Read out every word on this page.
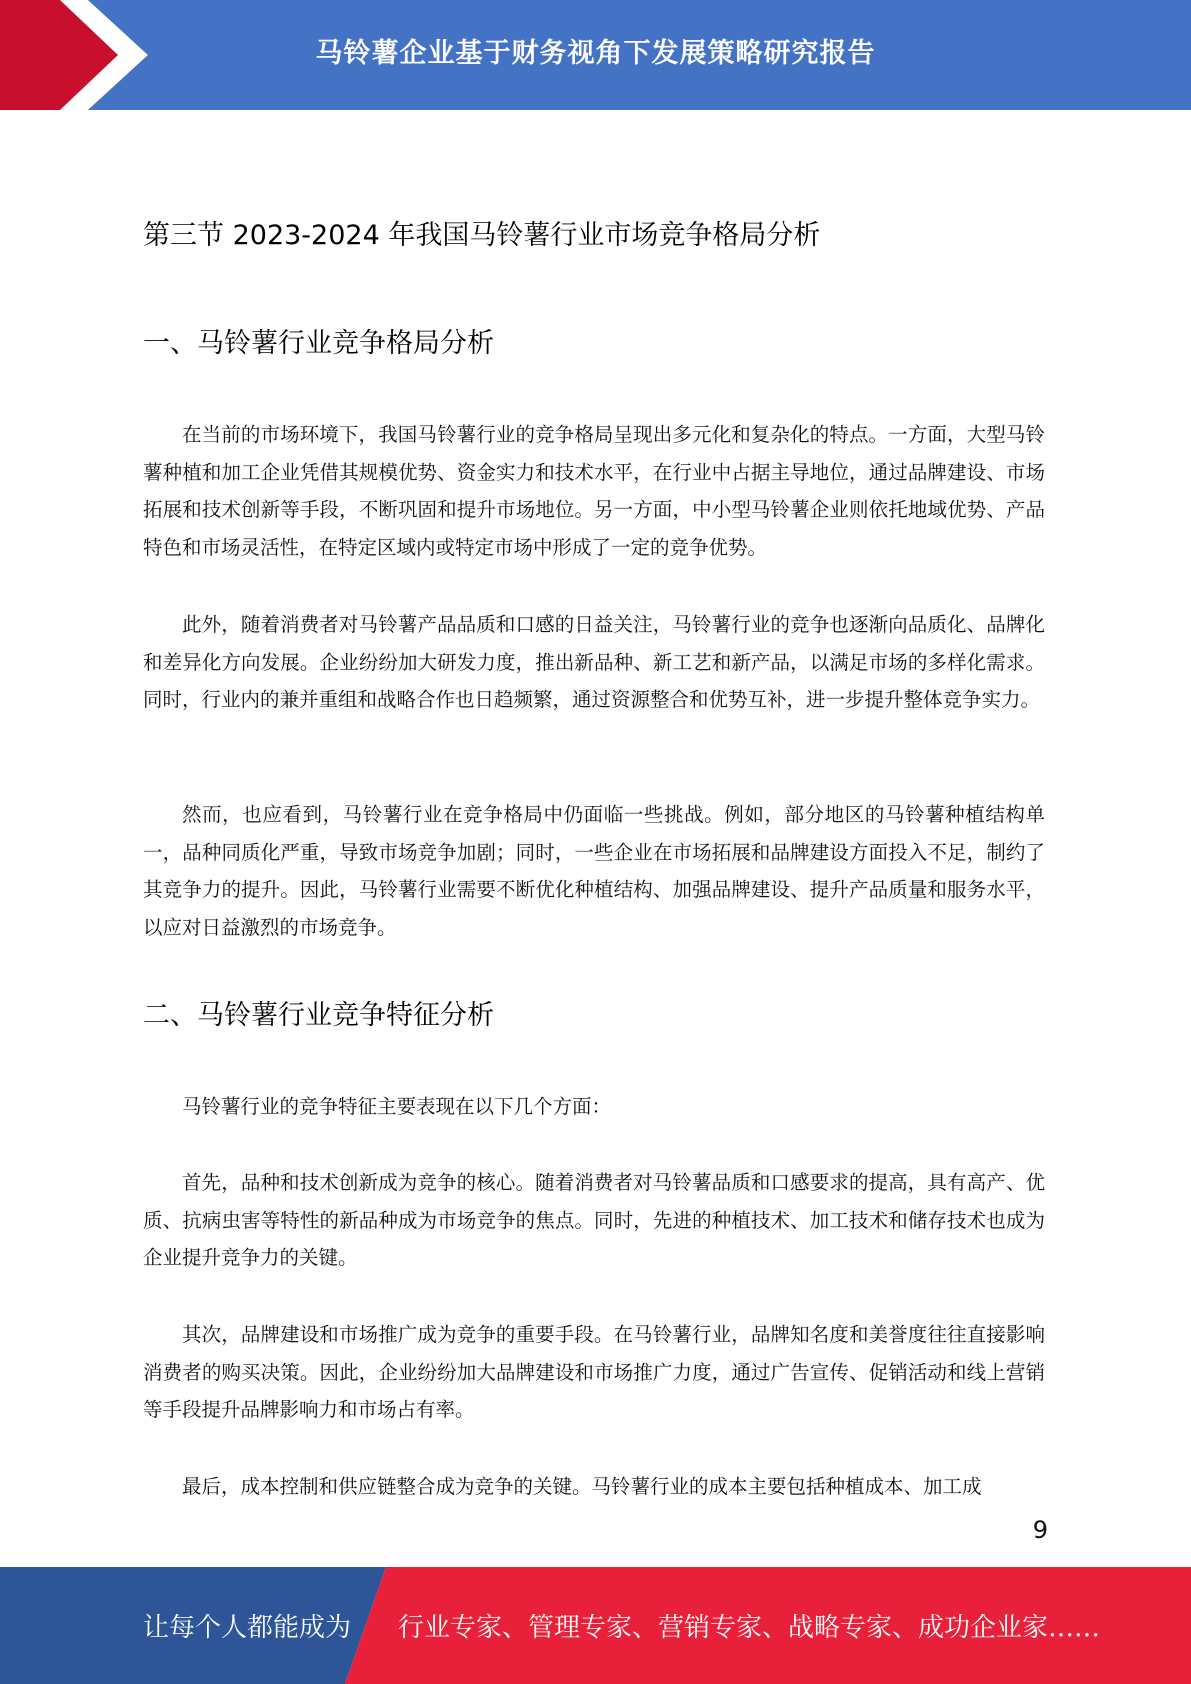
马铃薯企业基于财务视角下发展策略研究报告
第三节 2023-2024 年我国马铃薯行业市场竞争格局分析
一、马铃薯行业竞争格局分析

在当前的市场环境下，我国马铃薯行业的竞争格局呈现出多元化和复杂化的特点。一方面，大型马铃薯种植和加工企业凭借其规模优势、资金实力和技术水平，在行业中占据主导地位，通过品牌建设、市场拓展和技术创新等手段，不断巩固和提升市场地位。另一方面，中小型马铃薯企业则依托地域优势、产品特色和市场灵活性，在特定区域内或特定市场中形成了一定的竞争优势。

此外，随着消费者对马铃薯产品品质和口感的日益关注，马铃薯行业的竞争也逐渐向品质化、品牌化和差异化方向发展。企业纷纷加大研发力度，推出新品种、新工艺和新产品，以满足市场的多样化需求。同时，行业内的兼并重组和战略合作也日趋频繁，通过资源整合和优势互补，进一步提升整体竞争实力。

然而，也应看到，马铃薯行业在竞争格局中仍面临一些挑战。例如，部分地区的马铃薯种植结构单一，品种同质化严重，导致市场竞争加剧；同时，一些企业在市场拓展和品牌建设方面投入不足，制约了其竞争力的提升。因此，马铃薯行业需要不断优化种植结构、加强品牌建设、提升产品质量和服务水平，以应对日益激烈的市场竞争。

二、马铃薯行业竞争特征分析

马铃薯行业的竞争特征主要表现在以下几个方面：

首先，品种和技术创新成为竞争的核心。随着消费者对马铃薯品质和口感要求的提高，具有高产、优质、抗病虫害等特性的新品种成为市场竞争的焦点。同时，先进的种植技术、加工技术和储存技术也成为企业提升竞争力的关键。

其次，品牌建设和市场推广成为竞争的重要手段。在马铃薯行业，品牌知名度和美誉度往往直接影响消费者的购买决策。因此，企业纷纷加大品牌建设和市场推广力度，通过广告宣传、促销活动和线上营销等手段提升品牌影响力和市场占有率。

最后，成本控制和供应链整合成为竞争的关键。马铃薯行业的成本主要包括种植成本、加工成

9
让每个人都能成为 行业专家、管理专家、营销专家、战略专家、成功企业家……
